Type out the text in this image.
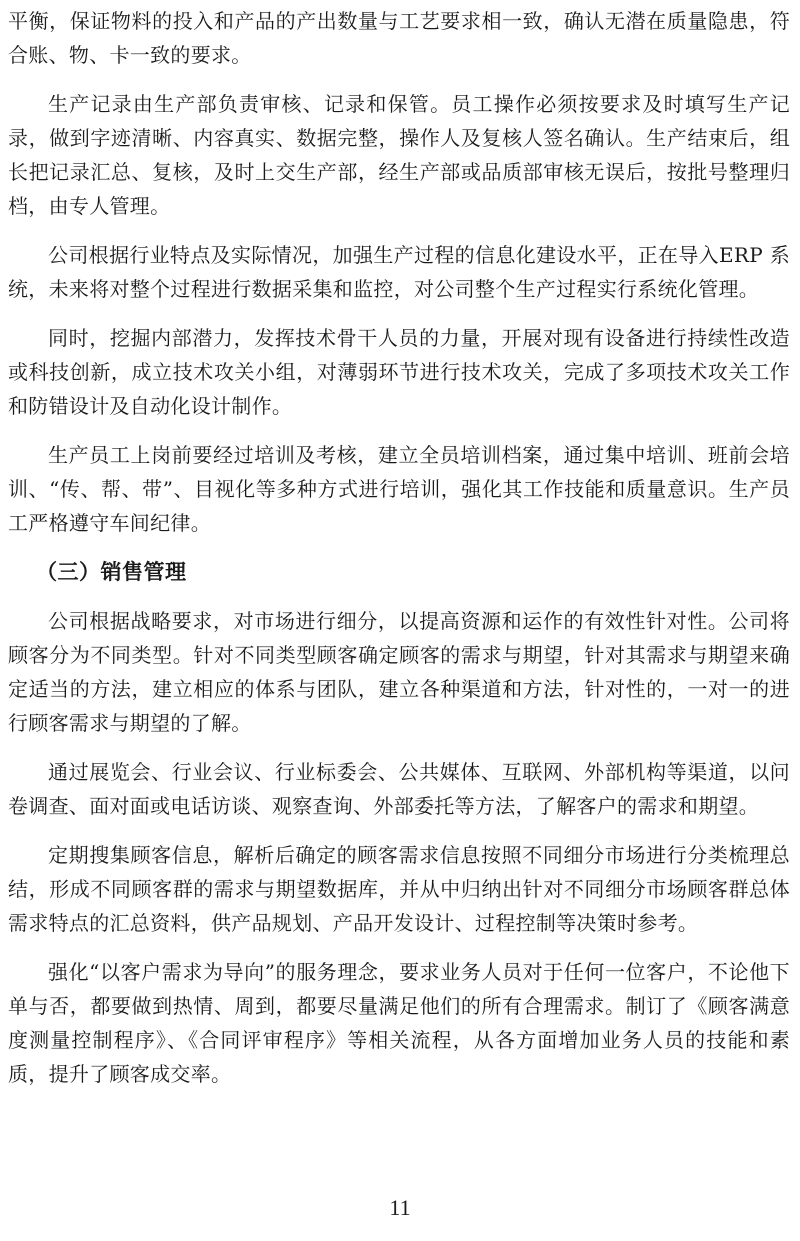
平衡，保证物料的投入和产品的产出数量与工艺要求相一致，确认无潜在质量隐患，符合账、物、卡一致的要求。

生产记录由生产部负责审核、记录和保管。员工操作必须按要求及时填写生产记录，做到字迹清晰、内容真实、数据完整，操作人及复核人签名确认。生产结束后，组长把记录汇总、复核，及时上交生产部，经生产部或品质部审核无误后，按批号整理归档，由专人管理。

公司根据行业特点及实际情况，加强生产过程的信息化建设水平，正在导入ERP 系统，未来将对整个过程进行数据采集和监控，对公司整个生产过程实行系统化管理。

同时，挖掘内部潜力，发挥技术骨干人员的力量，开展对现有设备进行持续性改造或科技创新，成立技术攻关小组，对薄弱环节进行技术攻关，完成了多项技术攻关工作和防错设计及自动化设计制作。

生产员工上岗前要经过培训及考核，建立全员培训档案，通过集中培训、班前会培训、“传、帮、带”、目视化等多种方式进行培训，强化其工作技能和质量意识。生产员工严格遵守车间纪律。

（三）销售管理

公司根据战略要求，对市场进行细分，以提高资源和运作的有效性针对性。公司将顾客分为不同类型。针对不同类型顾客确定顾客的需求与期望，针对其需求与期望来确定适当的方法，建立相应的体系与团队，建立各种渠道和方法，针对性的，一对一的进行顾客需求与期望的了解。

通过展览会、行业会议、行业标委会、公共媒体、互联网、外部机构等渠道，以问卷调查、面对面或电话访谈、观察查询、外部委托等方法，了解客户的需求和期望。

定期搜集顾客信息，解析后确定的顾客需求信息按照不同细分市场进行分类梳理总结，形成不同顾客群的需求与期望数据库，并从中归纳出针对不同细分市场顾客群总体需求特点的汇总资料，供产品规划、产品开发设计、过程控制等决策时参考。

强化“以客户需求为导向”的服务理念，要求业务人员对于任何一位客户，不论他下单与否，都要做到热情、周到，都要尽量满足他们的所有合理需求。制订了《顾客满意度测量控制程序》、《合同评审程序》等相关流程，从各方面增加业务人员的技能和素质，提升了顾客成交率。

11
